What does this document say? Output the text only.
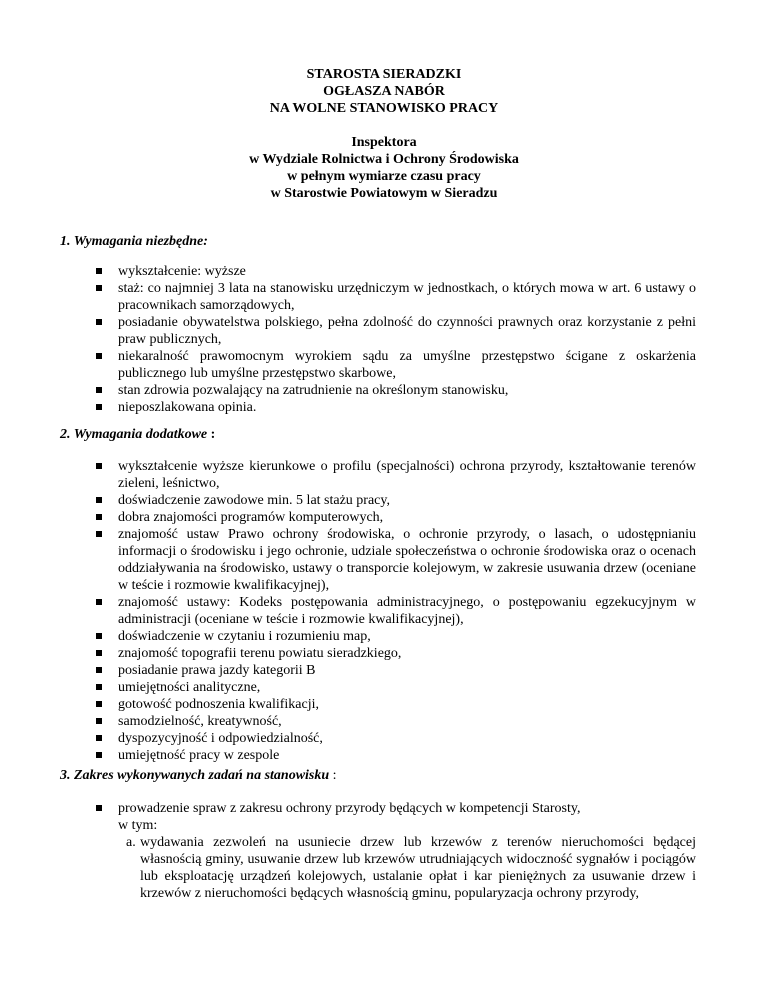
STAROSTA SIERADZKI
OGŁASZA NABÓR
NA WOLNE STANOWISKO PRACY
Inspektora
w Wydziale Rolnictwa i Ochrony Środowiska
w pełnym wymiarze czasu pracy
w Starostwie Powiatowym w Sieradzu
1. Wymagania niezbędne:
wykształcenie: wyższe
staż: co najmniej 3 lata na stanowisku urzędniczym w jednostkach, o których mowa w art. 6 ustawy o pracownikach samorządowych,
posiadanie obywatelstwa polskiego, pełna zdolność do czynności prawnych oraz korzystanie z pełni praw publicznych,
niekaralność prawomocnym wyrokiem sądu za umyślne przestępstwo ścigane z oskarżenia publicznego lub umyślne przestępstwo skarbowe,
stan zdrowia pozwalający na zatrudnienie na określonym stanowisku,
nieposzlakowana opinia.
2. Wymagania dodatkowe :
wykształcenie wyższe kierunkowe o profilu (specjalności) ochrona przyrody, kształtowanie terenów zieleni, leśnictwo,
doświadczenie zawodowe min. 5 lat stażu pracy,
dobra znajomości programów komputerowych,
znajomość ustaw Prawo ochrony środowiska, o ochronie przyrody, o lasach, o udostępnianiu informacji o środowisku i jego ochronie, udziale społeczeństwa o ochronie środowiska oraz o ocenach oddziaływania na środowisko, ustawy o transporcie kolejowym, w zakresie usuwania drzew (oceniane w teście i rozmowie kwalifikacyjnej),
znajomość ustawy: Kodeks postępowania administracyjnego, o postępowaniu egzekucyjnym w administracji (oceniane w teście i rozmowie kwalifikacyjnej),
doświadczenie w czytaniu i rozumieniu map,
znajomość topografii terenu powiatu sieradzkiego,
posiadanie prawa jazdy kategorii B
umiejętności analityczne,
gotowość podnoszenia kwalifikacji,
samodzielność, kreatywność,
dyspozycyjność i odpowiedzialność,
umiejętność pracy w zespole
3. Zakres wykonywanych zadań na stanowisku :
prowadzenie spraw z zakresu ochrony przyrody będących w kompetencji Starosty,
w tym:
a. wydawania zezwoleń na usuniecie drzew lub krzewów z terenów nieruchomości będącej własnością gminy, usuwanie drzew lub krzewów utrudniających widoczność sygnałów i pociągów lub eksploatację urządzeń kolejowych, ustalanie opłat i kar pieniężnych za usuwanie drzew i krzewów z nieruchomości będących własnością gminu, popularyzacja ochrony przyrody,
